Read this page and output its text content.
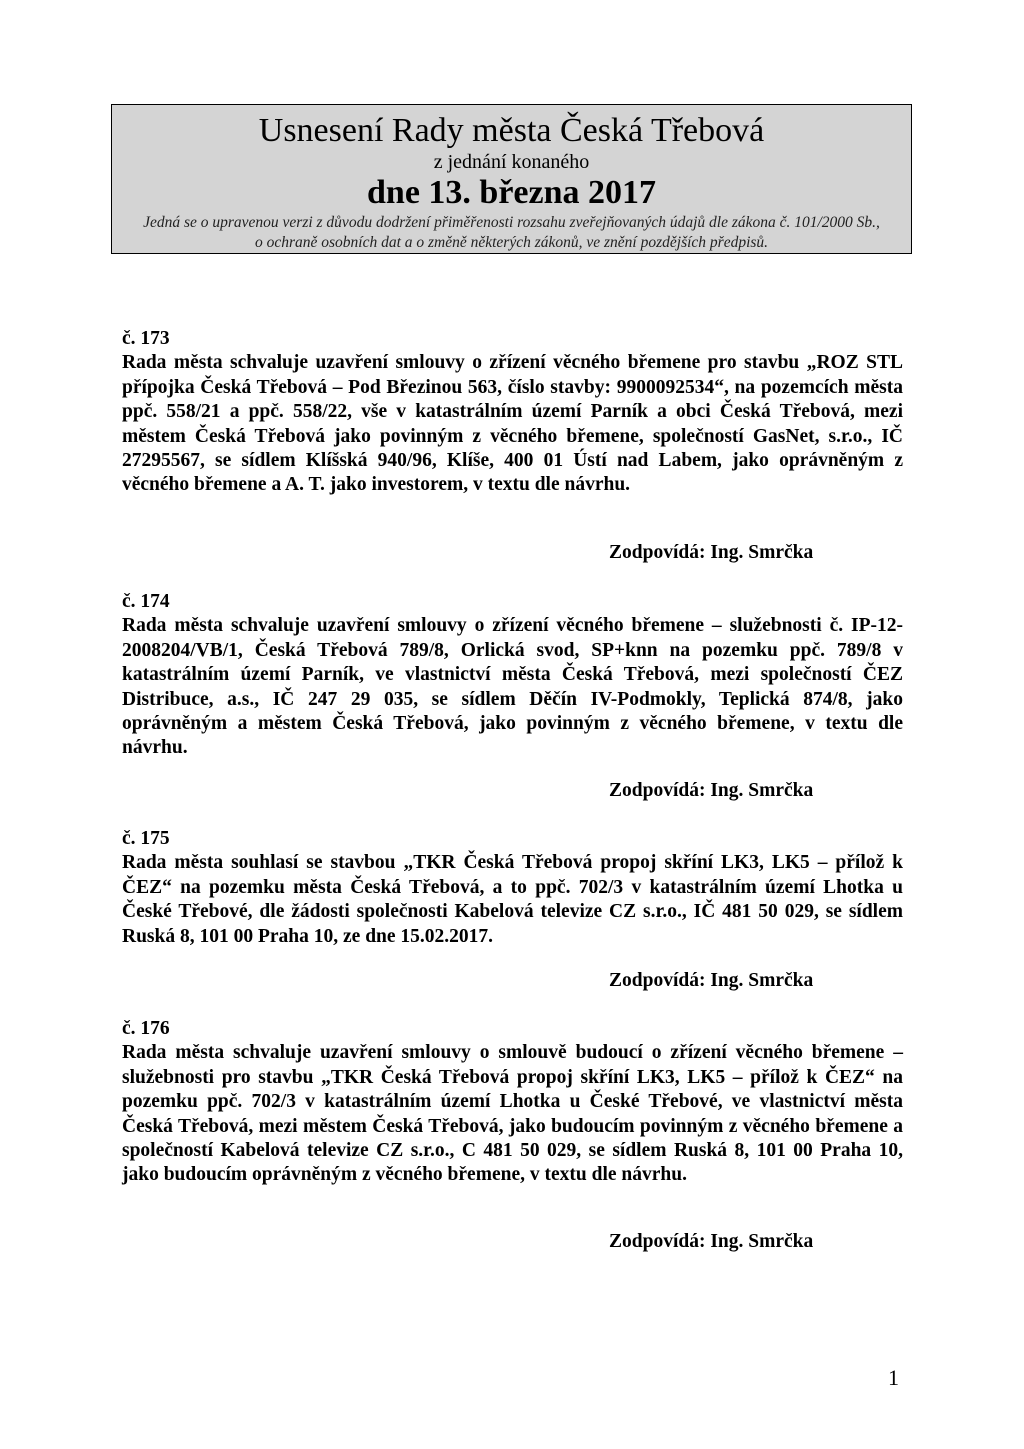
Usnesení Rady města Česká Třebová
z jednání konaného
dne 13. března 2017
Jedná se o upravenou verzi z důvodu dodržení přiměřenosti rozsahu zveřejňovaných údajů dle zákona č. 101/2000 Sb., o ochraně osobních dat a o změně některých zákonů, ve znění pozdějších předpisů.
č. 173
Rada města schvaluje uzavření smlouvy o zřízení věcného břemene pro stavbu „ROZ STL přípojka Česká Třebová – Pod Březinou 563, číslo stavby: 9900092534“, na pozemcích města ppč. 558/21 a ppč. 558/22, vše v katastrálním území Parník a obci Česká Třebová, mezi městem Česká Třebová jako povinným z věcného břemene, společností GasNet, s.r.o., IČ 27295567, se sídlem Klíšská 940/96, Klíše, 400 01 Ústí nad Labem, jako oprávněným z věcného břemene a A. T. jako investorem, v textu dle návrhu.
Zodpovídá: Ing. Smrčka
č. 174
Rada města schvaluje uzavření smlouvy o zřízení věcného břemene – služebnosti č. IP-12-2008204/VB/1, Česká Třebová 789/8, Orlická svod, SP+knn na pozemku ppč. 789/8 v katastrálním území Parník, ve vlastnictví města Česká Třebová, mezi společností ČEZ Distribuce, a.s., IČ 247 29 035, se sídlem Děčín IV-Podmokly, Teplická 874/8, jako oprávněným a městem Česká Třebová, jako povinným z věcného břemene, v textu dle návrhu.
Zodpovídá: Ing. Smrčka
č. 175
Rada města souhlasí se stavbou „TKR Česká Třebová propoj skříní LK3, LK5 – přílož k ČEZ“ na pozemku města Česká Třebová, a to ppč. 702/3 v katastrálním území Lhotka u České Třebové, dle žádosti společnosti Kabelová televize CZ s.r.o., IČ 481 50 029, se sídlem Ruská 8, 101 00 Praha 10, ze dne 15.02.2017.
Zodpovídá: Ing. Smrčka
č. 176
Rada města schvaluje uzavření smlouvy o smlouvě budoucí o zřízení věcného břemene – služebnosti pro stavbu „TKR Česká Třebová propoj skříní LK3, LK5 – přílož k ČEZ“ na pozemku ppč. 702/3 v katastrálním území Lhotka u České Třebové, ve vlastnictví města Česká Třebová, mezi městem Česká Třebová, jako budoucím povinným z věcného břemene a společností Kabelová televize CZ s.r.o., C 481 50 029, se sídlem Ruská 8, 101 00 Praha 10, jako budoucím oprávněným z věcného břemene, v textu dle návrhu.
Zodpovídá: Ing. Smrčka
1
